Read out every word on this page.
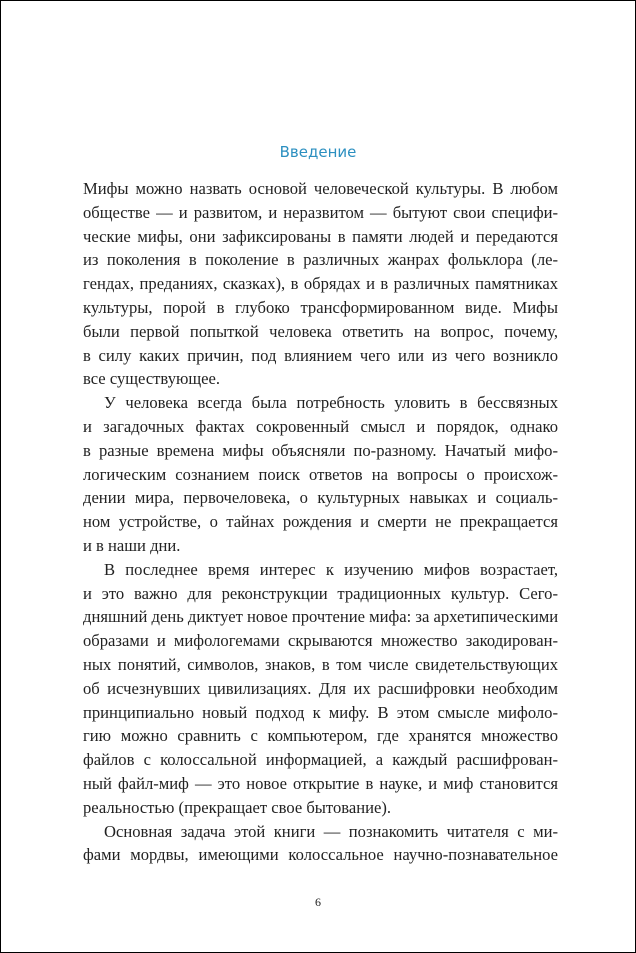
Введение
Мифы можно назвать основой человеческой культуры. В любом
обществе — и развитом, и неразвитом — бытуют свои специфи-
ческие мифы, они зафиксированы в памяти людей и передаются
из поколения в поколение в различных жанрах фольклора (ле-
гендах, преданиях, сказках), в обрядах и в различных памятниках
культуры, порой в глубоко трансформированном виде. Мифы
были первой попыткой человека ответить на вопрос, почему,
в силу каких причин, под влиянием чего или из чего возникло
все существующее.
У человека всегда была потребность уловить в бессвязных
и загадочных фактах сокровенный смысл и порядок, однако
в разные времена мифы объясняли по-разному. Начатый мифо-
логическим сознанием поиск ответов на вопросы о происхож-
дении мира, первочеловека, о культурных навыках и социаль-
ном устройстве, о тайнах рождения и смерти не прекращается
и в наши дни.
В последнее время интерес к изучению мифов возрастает,
и это важно для реконструкции традиционных культур. Сего-
дняшний день диктует новое прочтение мифа: за архетипическими
образами и мифологемами скрываются множество закодирован-
ных понятий, символов, знаков, в том числе свидетельствующих
об исчезнувших цивилизациях. Для их расшифровки необходим
принципиально новый подход к мифу. В этом смысле мифоло-
гию можно сравнить с компьютером, где хранятся множество
файлов с колоссальной информацией, а каждый расшифрован-
ный файл-миф — это новое открытие в науке, и миф становится
реальностью (прекращает свое бытование).
Основная задача этой книги — познакомить читателя с ми-
фами мордвы, имеющими колоссальное научно-познавательное
6
